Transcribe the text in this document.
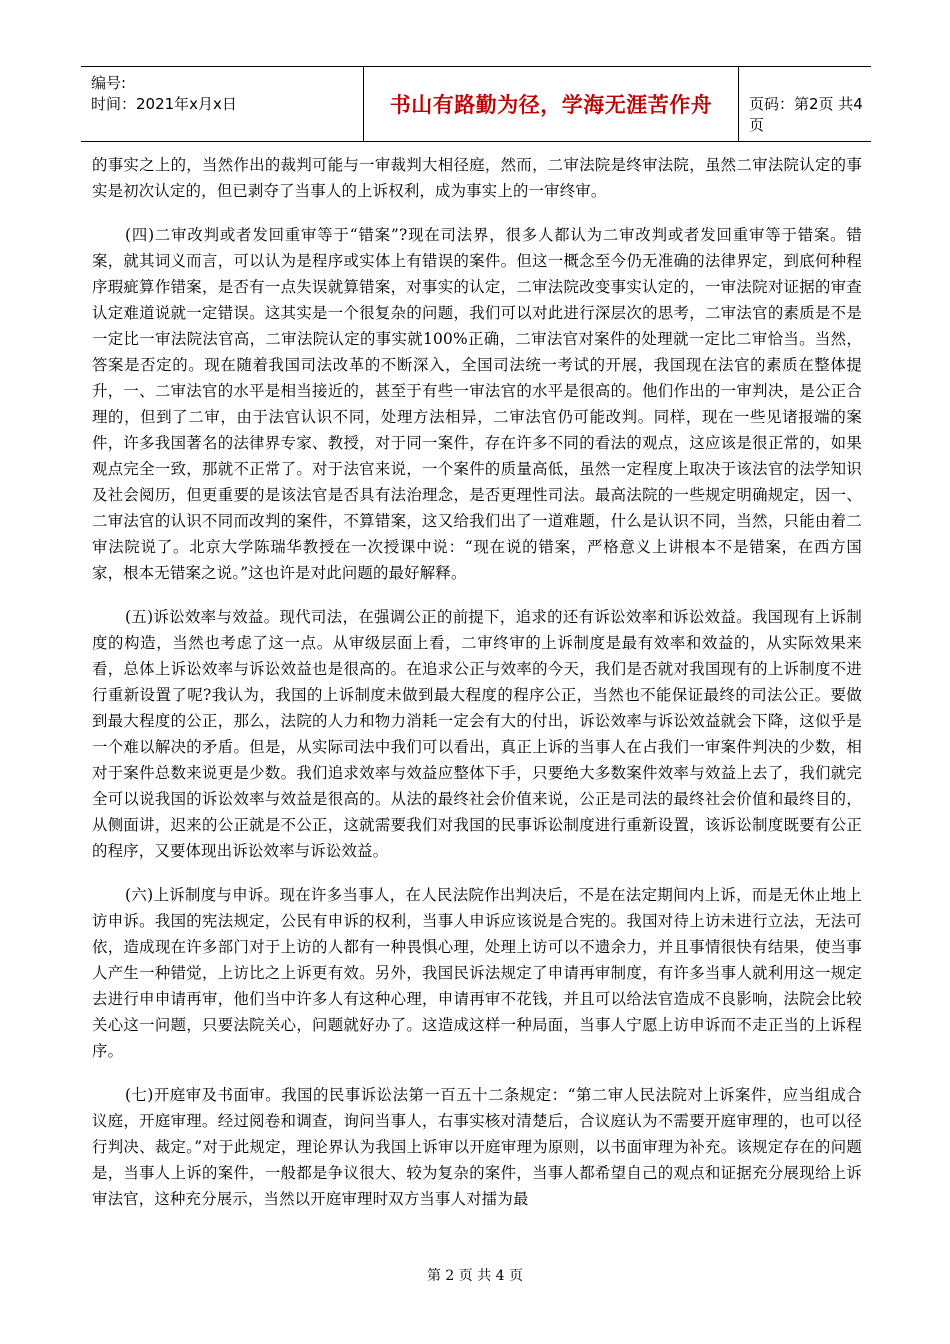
编号:
时间：2021年x月x日	书山有路勤为径，学海无涯苦作舟	页码：第2页 共4页

的事实之上的，当然作出的裁判可能与一审裁判大相径庭，然而，二审法院是终审法院，虽然二审法院认定的事实是初次认定的，但已剥夺了当事人的上诉权利，成为事实上的一审终审。

(四)二审改判或者发回重审等于“错案”?现在司法界，很多人都认为二审改判或者发回重审等于错案。错案，就其词义而言，可以认为是程序或实体上有错误的案件。但这一概念至今仍无准确的法律界定，到底何种程序瑕疵算作错案，是否有一点失误就算错案，对事实的认定，二审法院改变事实认定的，一审法院对证据的审查认定难道说就一定错误。这其实是一个很复杂的问题，我们可以对此进行深层次的思考，二审法官的素质是不是一定比一审法院法官高，二审法院认定的事实就100%正确，二审法官对案件的处理就一定比二审恰当。当然，答案是否定的。现在随着我国司法改革的不断深入，全国司法统一考试的开展，我国现在法官的素质在整体提升，一、二审法官的水平是相当接近的，甚至于有些一审法官的水平是很高的。他们作出的一审判决，是公正合理的，但到了二审，由于法官认识不同，处理方法相异，二审法官仍可能改判。同样，现在一些见诸报端的案件，许多我国著名的法律界专家、教授，对于同一案件，存在许多不同的看法的观点，这应该是很正常的，如果观点完全一致，那就不正常了。对于法官来说，一个案件的质量高低，虽然一定程度上取决于该法官的法学知识及社会阅历，但更重要的是该法官是否具有法治理念，是否更理性司法。最高法院的一些规定明确规定，因一、二审法官的认识不同而改判的案件，不算错案，这又给我们出了一道难题，什么是认识不同，当然，只能由着二审法院说了。北京大学陈瑞华教授在一次授课中说：“现在说的错案，严格意义上讲根本不是错案，在西方国家，根本无错案之说。”这也许是对此问题的最好解释。

(五)诉讼效率与效益。现代司法，在强调公正的前提下，追求的还有诉讼效率和诉讼效益。我国现有上诉制度的构造，当然也考虑了这一点。从审级层面上看，二审终审的上诉制度是最有效率和效益的，从实际效果来看，总体上诉讼效率与诉讼效益也是很高的。在追求公正与效率的今天，我们是否就对我国现有的上诉制度不进行重新设置了呢?我认为，我国的上诉制度未做到最大程度的程序公正，当然也不能保证最终的司法公正。要做到最大程度的公正，那么，法院的人力和物力消耗一定会有大的付出，诉讼效率与诉讼效益就会下降，这似乎是一个难以解决的矛盾。但是，从实际司法中我们可以看出，真正上诉的当事人在占我们一审案件判决的少数，相对于案件总数来说更是少数。我们追求效率与效益应整体下手，只要绝大多数案件效率与效益上去了，我们就完全可以说我国的诉讼效率与效益是很高的。从法的最终社会价值来说，公正是司法的最终社会价值和最终目的，从侧面讲，迟来的公正就是不公正，这就需要我们对我国的民事诉讼制度进行重新设置，该诉讼制度既要有公正的程序，又要体现出诉讼效率与诉讼效益。

(六)上诉制度与申诉。现在许多当事人，在人民法院作出判决后，不是在法定期间内上诉，而是无休止地上访申诉。我国的宪法规定，公民有申诉的权利，当事人申诉应该说是合宪的。我国对待上访未进行立法，无法可依，造成现在许多部门对于上访的人都有一种畏惧心理，处理上访可以不遗余力，并且事情很快有结果，使当事人产生一种错觉，上访比之上诉更有效。另外，我国民诉法规定了申请再审制度，有许多当事人就利用这一规定去进行申申请再审，他们当中许多人有这种心理，申请再审不花钱，并且可以给法官造成不良影响，法院会比较关心这一问题，只要法院关心，问题就好办了。这造成这样一种局面，当事人宁愿上访申诉而不走正当的上诉程序。

(七)开庭审及书面审。我国的民事诉讼法第一百五十二条规定：“第二审人民法院对上诉案件，应当组成合议庭，开庭审理。经过阅卷和调查，询问当事人，右事实核对清楚后，合议庭认为不需要开庭审理的，也可以径行判决、裁定。”对于此规定，理论界认为我国上诉审以开庭审理为原则，以书面审理为补充。该规定存在的问题是，当事人上诉的案件，一般都是争议很大、较为复杂的案件，当事人都希望自己的观点和证据充分展现给上诉审法官，这种充分展示，当然以开庭审理时双方当事人对擂为最

第 2 页 共 4 页
